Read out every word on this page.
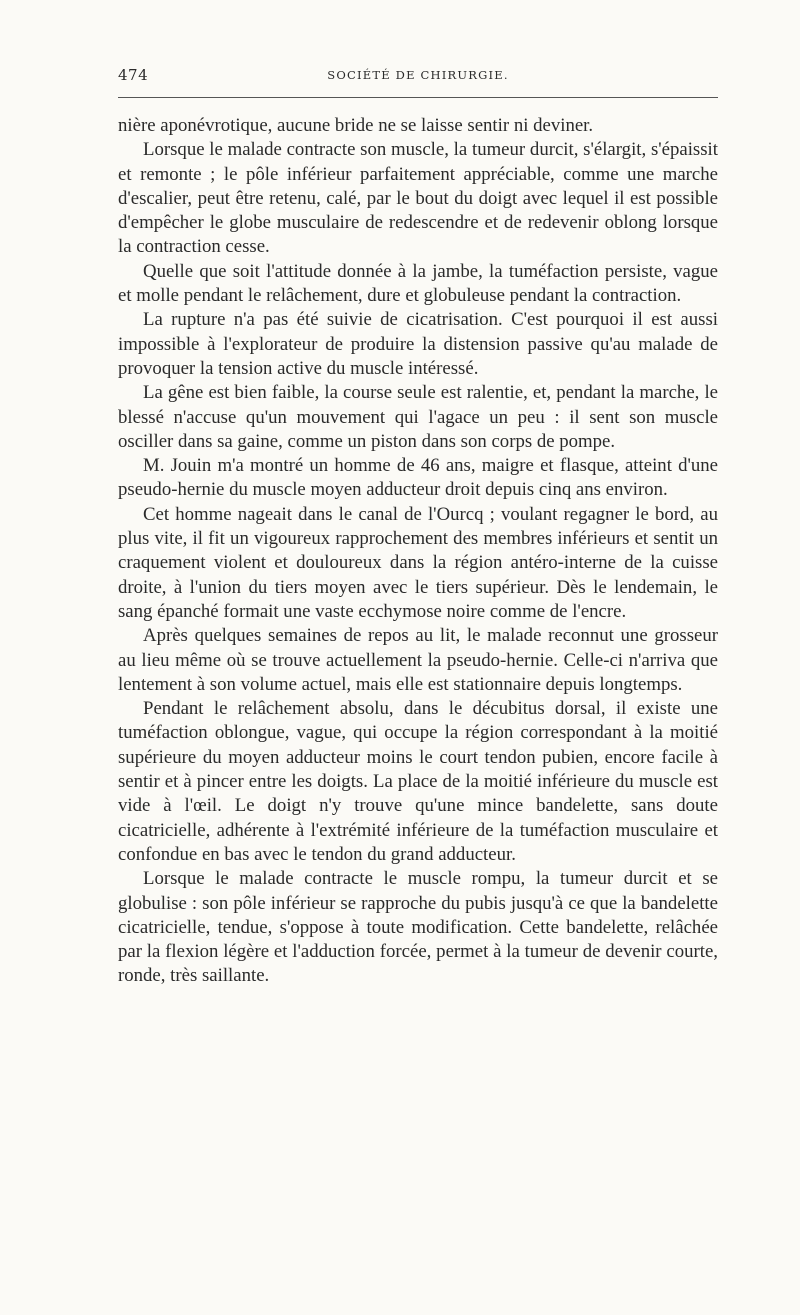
474	SOCIÉTÉ DE CHIRURGIE.

nière aponévrotique, aucune bride ne se laisse sentir ni deviner.

Lorsque le malade contracte son muscle, la tumeur durcit, s'élargit, s'épaissit et remonte ; le pôle inférieur parfaitement appréciable, comme une marche d'escalier, peut être retenu, calé, par le bout du doigt avec lequel il est possible d'empêcher le globe musculaire de redescendre et de redevenir oblong lorsque la contraction cesse.

Quelle que soit l'attitude donnée à la jambe, la tuméfaction persiste, vague et molle pendant le relâchement, dure et globuleuse pendant la contraction.

La rupture n'a pas été suivie de cicatrisation. C'est pourquoi il est aussi impossible à l'explorateur de produire la distension passive qu'au malade de provoquer la tension active du muscle intéressé.

La gêne est bien faible, la course seule est ralentie, et, pendant la marche, le blessé n'accuse qu'un mouvement qui l'agace un peu : il sent son muscle osciller dans sa gaine, comme un piston dans son corps de pompe.

M. Jouin m'a montré un homme de 46 ans, maigre et flasque, atteint d'une pseudo-hernie du muscle moyen adducteur droit depuis cinq ans environ.

Cet homme nageait dans le canal de l'Ourcq ; voulant regagner le bord, au plus vite, il fit un vigoureux rapprochement des membres inférieurs et sentit un craquement violent et douloureux dans la région antéro-interne de la cuisse droite, à l'union du tiers moyen avec le tiers supérieur. Dès le lendemain, le sang épanché formait une vaste ecchymose noire comme de l'encre.

Après quelques semaines de repos au lit, le malade reconnut une grosseur au lieu même où se trouve actuellement la pseudo-hernie. Celle-ci n'arriva que lentement à son volume actuel, mais elle est stationnaire depuis longtemps.

Pendant le relâchement absolu, dans le décubitus dorsal, il existe une tuméfaction oblongue, vague, qui occupe la région correspondant à la moitié supérieure du moyen adducteur moins le court tendon pubien, encore facile à sentir et à pincer entre les doigts. La place de la moitié inférieure du muscle est vide à l'œil. Le doigt n'y trouve qu'une mince bandelette, sans doute cicatricielle, adhérente à l'extrémité inférieure de la tuméfaction musculaire et confondue en bas avec le tendon du grand adducteur.

Lorsque le malade contracte le muscle rompu, la tumeur durcit et se globulise : son pôle inférieur se rapproche du pubis jusqu'à ce que la bandelette cicatricielle, tendue, s'oppose à toute modification. Cette bandelette, relâchée par la flexion légère et l'adduction forcée, permet à la tumeur de devenir courte, ronde, très saillante.
